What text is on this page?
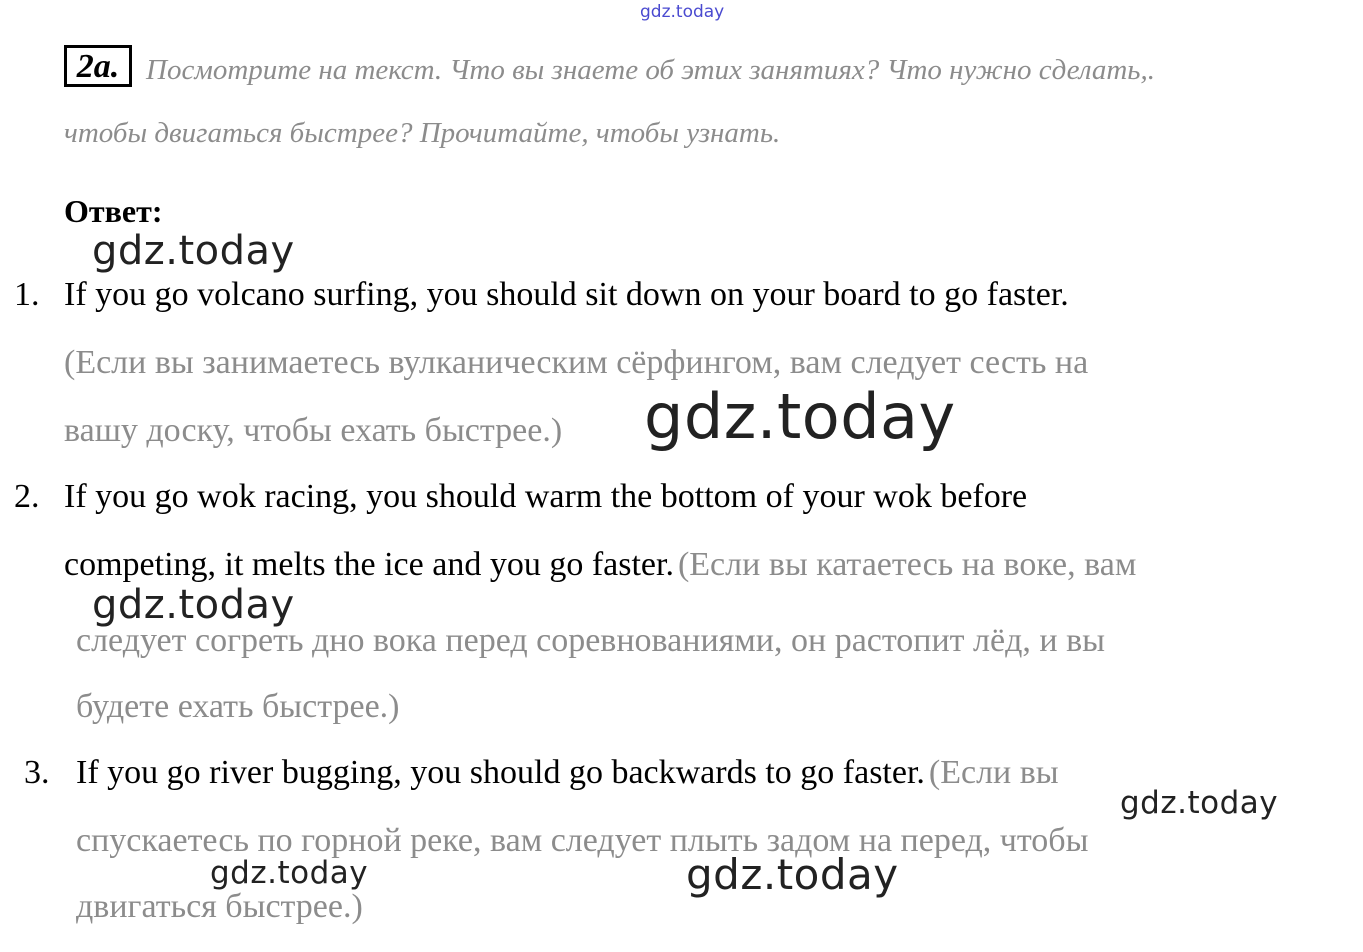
gdz.today
2a. Посмотрите на текст. Что вы знаете об этих занятиях? Что нужно сделать,.
чтобы двигаться быстрее? Прочитайте, чтобы узнать.
Ответ:
gdz.today
1. If you go volcano surfing, you should sit down on your board to go faster.
(Если вы занимаетесь вулканическим сёрфингом, вам следует сесть на
вашу доску, чтобы ехать быстрее.) gdz.today
2. If you go wok racing, you should warm the bottom of your wok before
competing, it melts the ice and you go faster. (Если вы катаетесь на воке, вам
gdz.today
следует согреть дно вока перед соревнованиями, он растопит лёд, и вы
будете ехать быстрее.)
3. If you go river bugging, you should go backwards to go faster. (Если вы
gdz.today
спускаетесь по горной реке, вам следует плыть задом на перед, чтобы
gdz.today	gdz.today
двигаться быстрее.)
